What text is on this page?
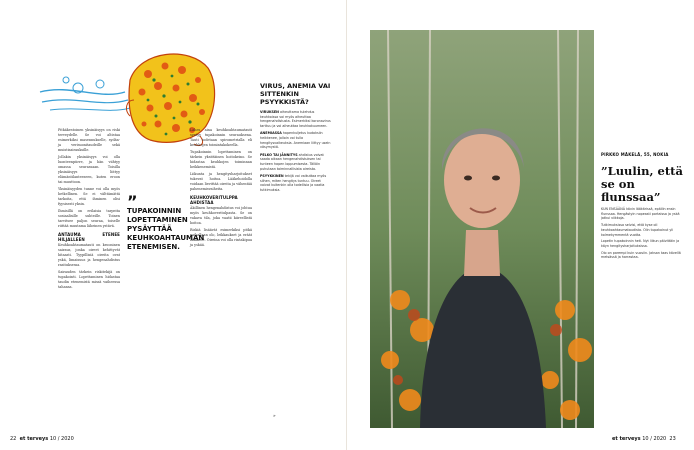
Pitkäkestoinen yksinäisyys on riski terveydelle. Se voi altistaa esimerkiksi masennukselle, sydän- ja verisuonitaudeille sekä muistisairauksille.

Jollakin yksinäisyys voi olla luonteenpiirre, ja hän viihtyy omassa seurassaan. Toisilla yksinäisyys liittyy elämäntilanteeseen, kuten eroon tai muuttoon.

Yksinäisyyden tunne voi olla myös hetkellinen. Se ei välttämättä tarkoita, että ihminen olisi fyysisesti yksin.

Ihmisillä on erilaisia tarpeita sosiaalisille suhteille. Toinen tarvitsee paljon seuraa, toiselle riittää muutama läheinen ystävä.

ANTAUMA ETENEE HILJALLEEN

Keuhkoahtaumatauti on krooninen sairaus, jonka oireet kehittyvät hitaasti. Tyypillisiä oireita ovat yskä, limaisuus ja hengenahdistus rasituksessa.

Sairauden tärkein riskitekijä on tupakointi. Lopettaminen hidastaa taudin etenemistä missä vaiheessa tahansa.

Lähes aina keuhkoahtaumatauti syntyy tupakoinnin seurauksena. Tauti todetaan spirometrialla eli keuhkojen toimintakokeella.

Tupakoinnin lopettaminen on tärkein yksittäinen hoitokeino. Se hidastaa keuhkojen toiminnan heikkenemistä.

Liikunta ja hengitysharjoitukset tukevat hoitoa. Lääkehoidolla voidaan lievittää oireita ja vähentää pahenemisvaiheita.

KEUHKOVERITULPPA AHDISTAA

Äkillinen hengenahdistus voi johtua myös keuhkoveritulpasta. Se on vakava tila, joka vaatii kiireellistä hoitoa.

Riskiä lisäävät esimerkiksi pitkä paikallaan olo, leikkaukset ja eräät lääkkeet. Oireina voi olla rintakipua ja yskää.

”
TUPAKOINNIN LOPETTAMINEN PYSÄYTTÄÄ KEUHKOAHTAUMAN ETENEMISEN.
VIRUS, ANEMIA VAI SITTENKIN PSYYKKISTÄ?

VIRUKSEN aiheuttama tulehdus keuhkoissa voi myös aiheuttaa hengenahdistusta. Esimerkiksi koronavirus tarttuu ja voi aiheuttaa keuhkokuumeen.

ANEMIASSA hapenkuljetus kudoksiin heikkenee, jolloin voi tulla hengitysvaikeuksia. Anemiaan liittyy usein väsymystä.

PELKO TAI JÄNNITYS ahdistus voivat saada aikaan hengenahdistuksen tai tunteen hapen loppumisesta. Tällöin puhutaan toiminnallisista oireista.

PSYYKKINEN tekijä voi vaikuttaa myös siihen, miten hengitys tuntuu. Oireet voivat kuitenkin olla todellisia ja vaatia tutkimuksia.

»
22 et terveys 10 / 2020
PIRKKO MÄKELÄ, 55, NOKIA
”Luulin, että se on flunssaa”

KUN ENSÄÄNÄ kävin lääkärissä, epäilin ensin flunssaa. Hengästyin nopeasti portaissa ja yskä jatkui viikkoja.

Tutkimuksissa selvisi, että kyse oli keuhkoahtaumataudista. Olin tupakoinut yli kolmekymmentä vuotta.

Lopetin tupakoinnin heti. Nyt liikun päivittäin ja käyn hengitysharjoituksissa.

Olo on parempi kuin vuosiin. Jaksan taas kävellä metsässä ja harrastaa.

et terveys 10 / 2020 23
